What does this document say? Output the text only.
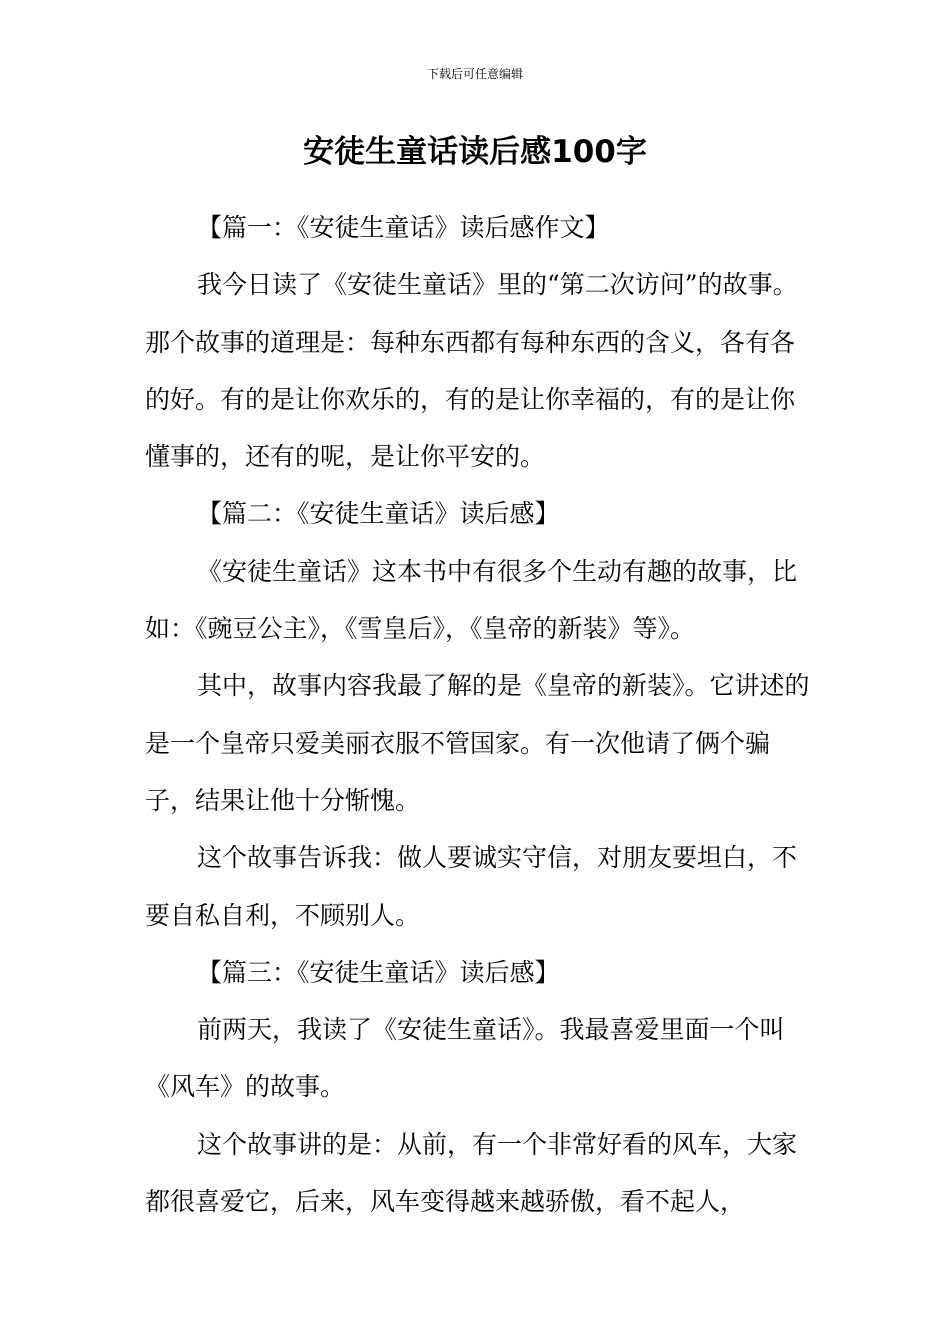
下载后可任意编辑
安徒生童话读后感100字

【篇一：《安徒生童话》读后感作文】

我今日读了《安徒生童话》里的“第二次访问”的故事。那个故事的道理是：每种东西都有每种东西的含义，各有各的好。有的是让你欢乐的，有的是让你幸福的，有的是让你懂事的，还有的呢，是让你平安的。

【篇二：《安徒生童话》读后感】

《安徒生童话》这本书中有很多个生动有趣的故事，比如：《豌豆公主》，《雪皇后》，《皇帝的新装》等》。

其中，故事内容我最了解的是《皇帝的新装》。它讲述的是一个皇帝只爱美丽衣服不管国家。有一次他请了俩个骗子，结果让他十分惭愧。

这个故事告诉我：做人要诚实守信，对朋友要坦白，不要自私自利，不顾别人。

【篇三：《安徒生童话》读后感】

前两天，我读了《安徒生童话》。我最喜爱里面一个叫《风车》的故事。

这个故事讲的是：从前，有一个非常好看的风车，大家都很喜爱它，后来，风车变得越来越骄傲，看不起人，
